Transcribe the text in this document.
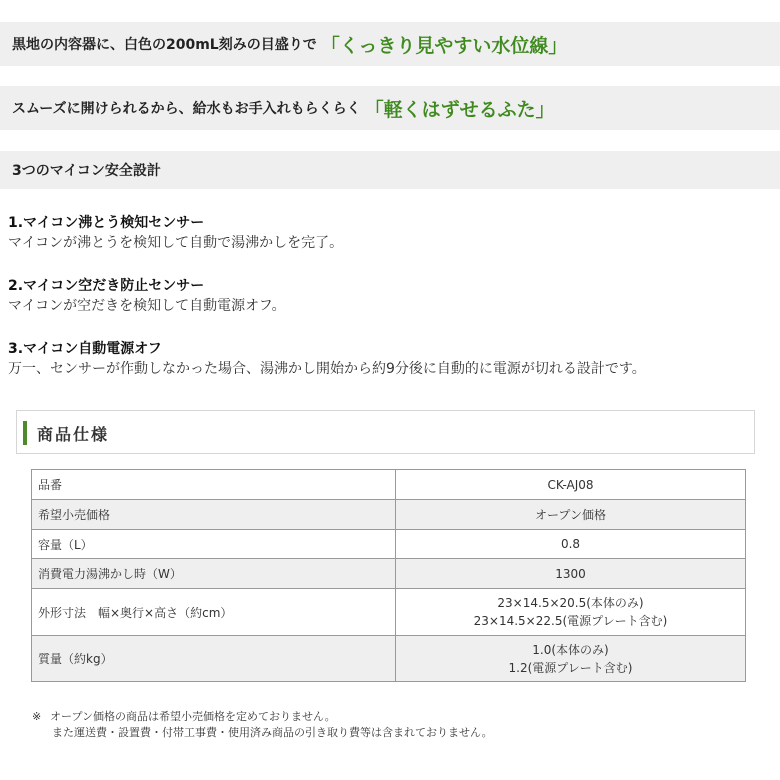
黒地の内容器に、白色の200mL刻みの目盛りで 「くっきり見やすい水位線」
スムーズに開けられるから、給水もお手入れもらくらく 「軽くはずせるふた」
3つのマイコン安全設計
1.マイコン沸とう検知センサー
マイコンが沸とうを検知して自動で湯沸かしを完了。
2.マイコン空だき防止センサー
マイコンが空だきを検知して自動電源オフ。
3.マイコン自動電源オフ
万一、センサーが作動しなかった場合、湯沸かし開始から約9分後に自動的に電源が切れる設計です。
商品仕様
品番	CK-AJ08
希望小売価格	オープン価格
容量（L）	0.8
消費電力湯沸かし時（W）	1300
外形寸法　幅×奥行×高さ（約cm）	23×14.5×20.5(本体のみ)
23×14.5×22.5(電源プレート含む)

質量（約kg）	1.0(本体のみ)
1.2(電源プレート含む)
※ オープン価格の商品は希望小売価格を定めておりません。
また運送費・設置費・付帯工事費・使用済み商品の引き取り費等は含まれておりません。
